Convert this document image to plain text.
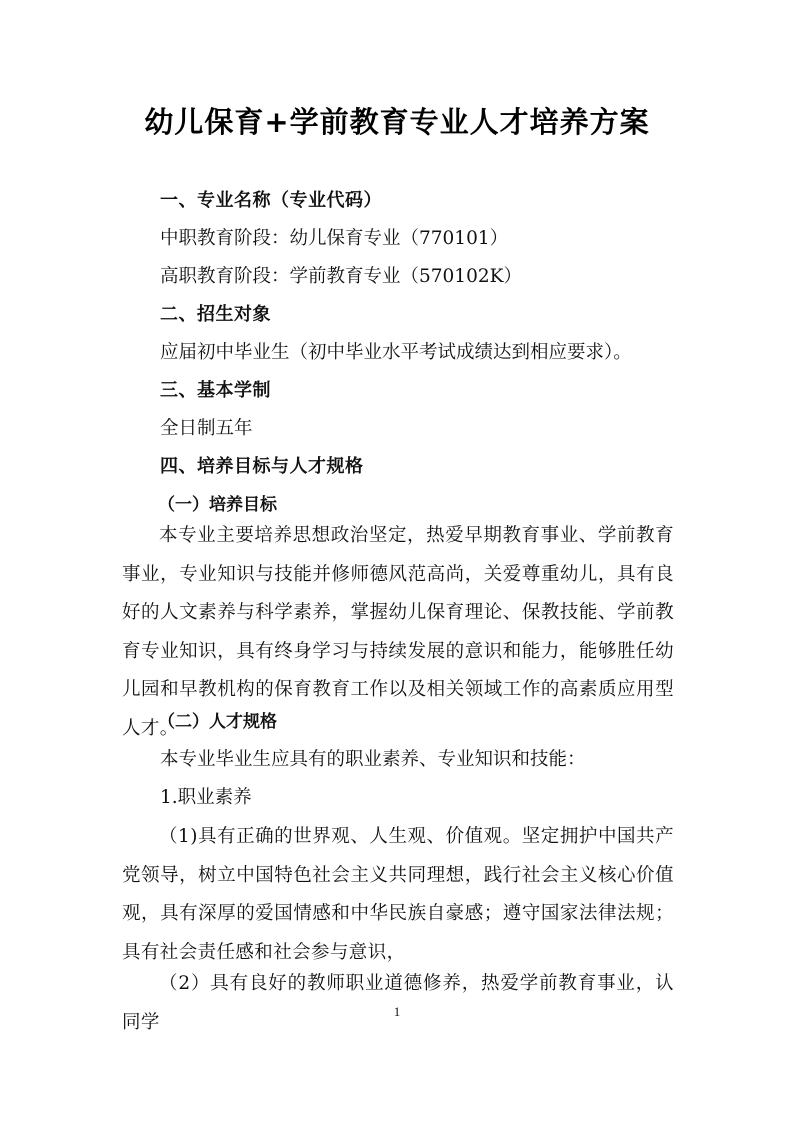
幼儿保育+学前教育专业人才培养方案
一、专业名称（专业代码）
中职教育阶段：幼儿保育专业（770101）
高职教育阶段：学前教育专业（570102K）
二、招生对象
应届初中毕业生（初中毕业水平考试成绩达到相应要求）。
三、基本学制
全日制五年
四、培养目标与人才规格
（一）培养目标
本专业主要培养思想政治坚定，热爱早期教育事业、学前教育事业，专业知识与技能并修师德风范高尚，关爱尊重幼儿，具有良好的人文素养与科学素养，掌握幼儿保育理论、保教技能、学前教育专业知识，具有终身学习与持续发展的意识和能力，能够胜任幼儿园和早教机构的保育教育工作以及相关领域工作的高素质应用型人才。
（二）人才规格
本专业毕业生应具有的职业素养、专业知识和技能：
1.职业素养
（1)具有正确的世界观、人生观、价值观。坚定拥护中国共产党领导，树立中国特色社会主义共同理想，践行社会主义核心价值观，具有深厚的爱国情感和中华民族自豪感；遵守国家法律法规；具有社会责任感和社会参与意识，
（2）具有良好的教师职业道德修养，热爱学前教育事业，认同学	1
